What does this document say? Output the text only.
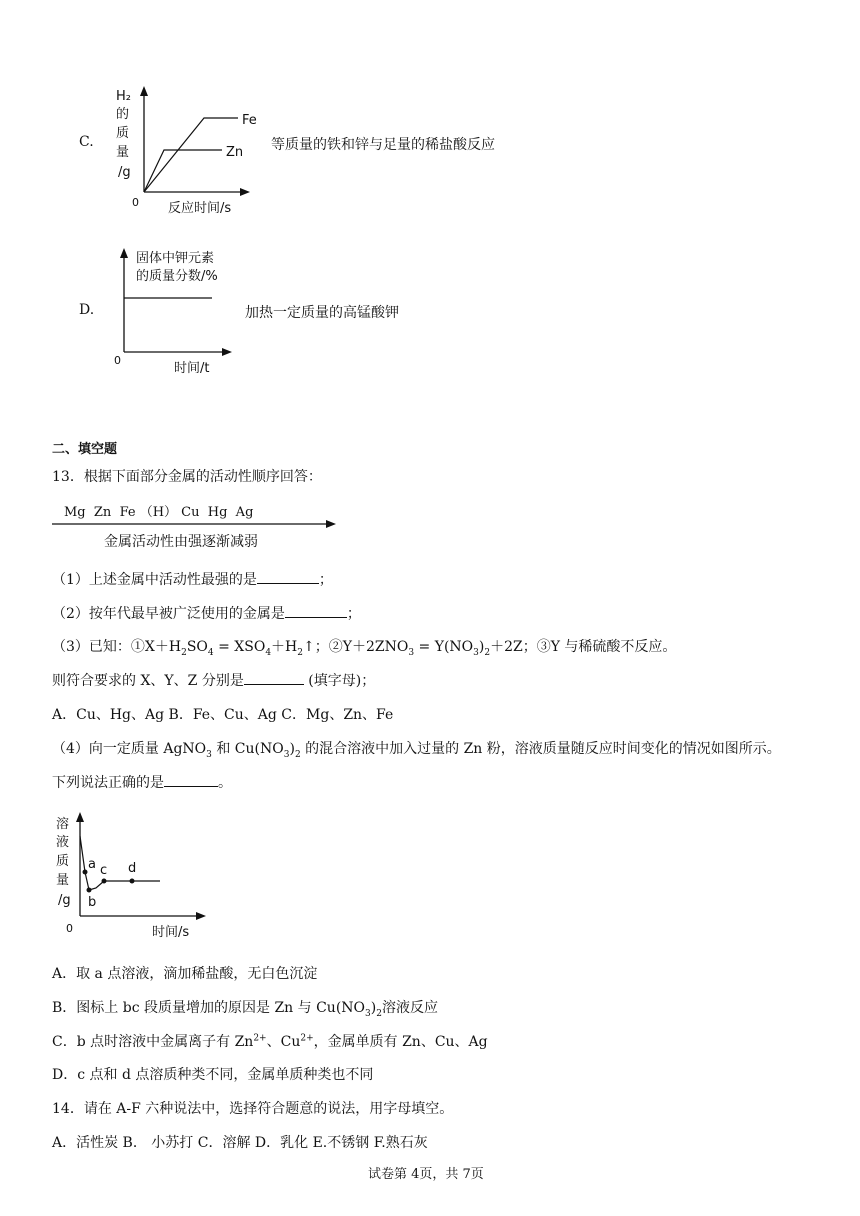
C.
H₂
的
质
量
/g
0 反应时间/s
Fe
Zn 等质量的铁和锌与足量的稀盐酸反应
D.
固体中钾元素
的质量分数/%
0
时间/t
加热一定质量的高锰酸钾
二、填空题
13．根据下面部分金属的活动性顺序回答：
Mg  Zn  Fe （H） Cu  Hg  Ag
金属活动性由强逐渐减弱
（1）上述金属中活动性最强的是	；
（2）按年代最早被广泛使用的金属是	；
（3）已知：$①X+H_2SO_4$ = $XSO_4+H_2↑$；$②Y+2ZNO_3 = Y(NO_3)_2+2Z$；③Y 与稀硫酸不反应。
则符合要求的 X、Y、Z 分别是	(填字母)；
A．Cu、Hg、Ag B．Fe、Cu、Ag C．Mg、Zn、Fe
（4）向一定质量 AgNO$_3$ 和 $Cu(NO_3)_2$ 的混合溶液中加入过量的 Zn 粉，溶液质量随反应时间变化的情况如图所示。
下列说法正确的是	。
a
b
c d
溶
液
质
量
/g
0	时间/s
A．取 a 点溶液，滴加稀盐酸，无白色沉淀
B．图标上 bc 段质量增加的原因是 Zn 与 $Cu(NO_3)_2$溶液反应
C．b 点时溶液中金属离子有 $Zn^{2+}$、$Cu^{2+}$，金属单质有 Zn、Cu、Ag
D．c 点和 d 点溶质种类不同，金属单质种类也不同
14．请在 A-F 六种说法中，选择符合题意的说法，用字母填空。
A．活性炭 B． 小苏打 C．溶解 D．乳化 E.不锈钢 F.熟石灰
试卷第 4页，共 7页
